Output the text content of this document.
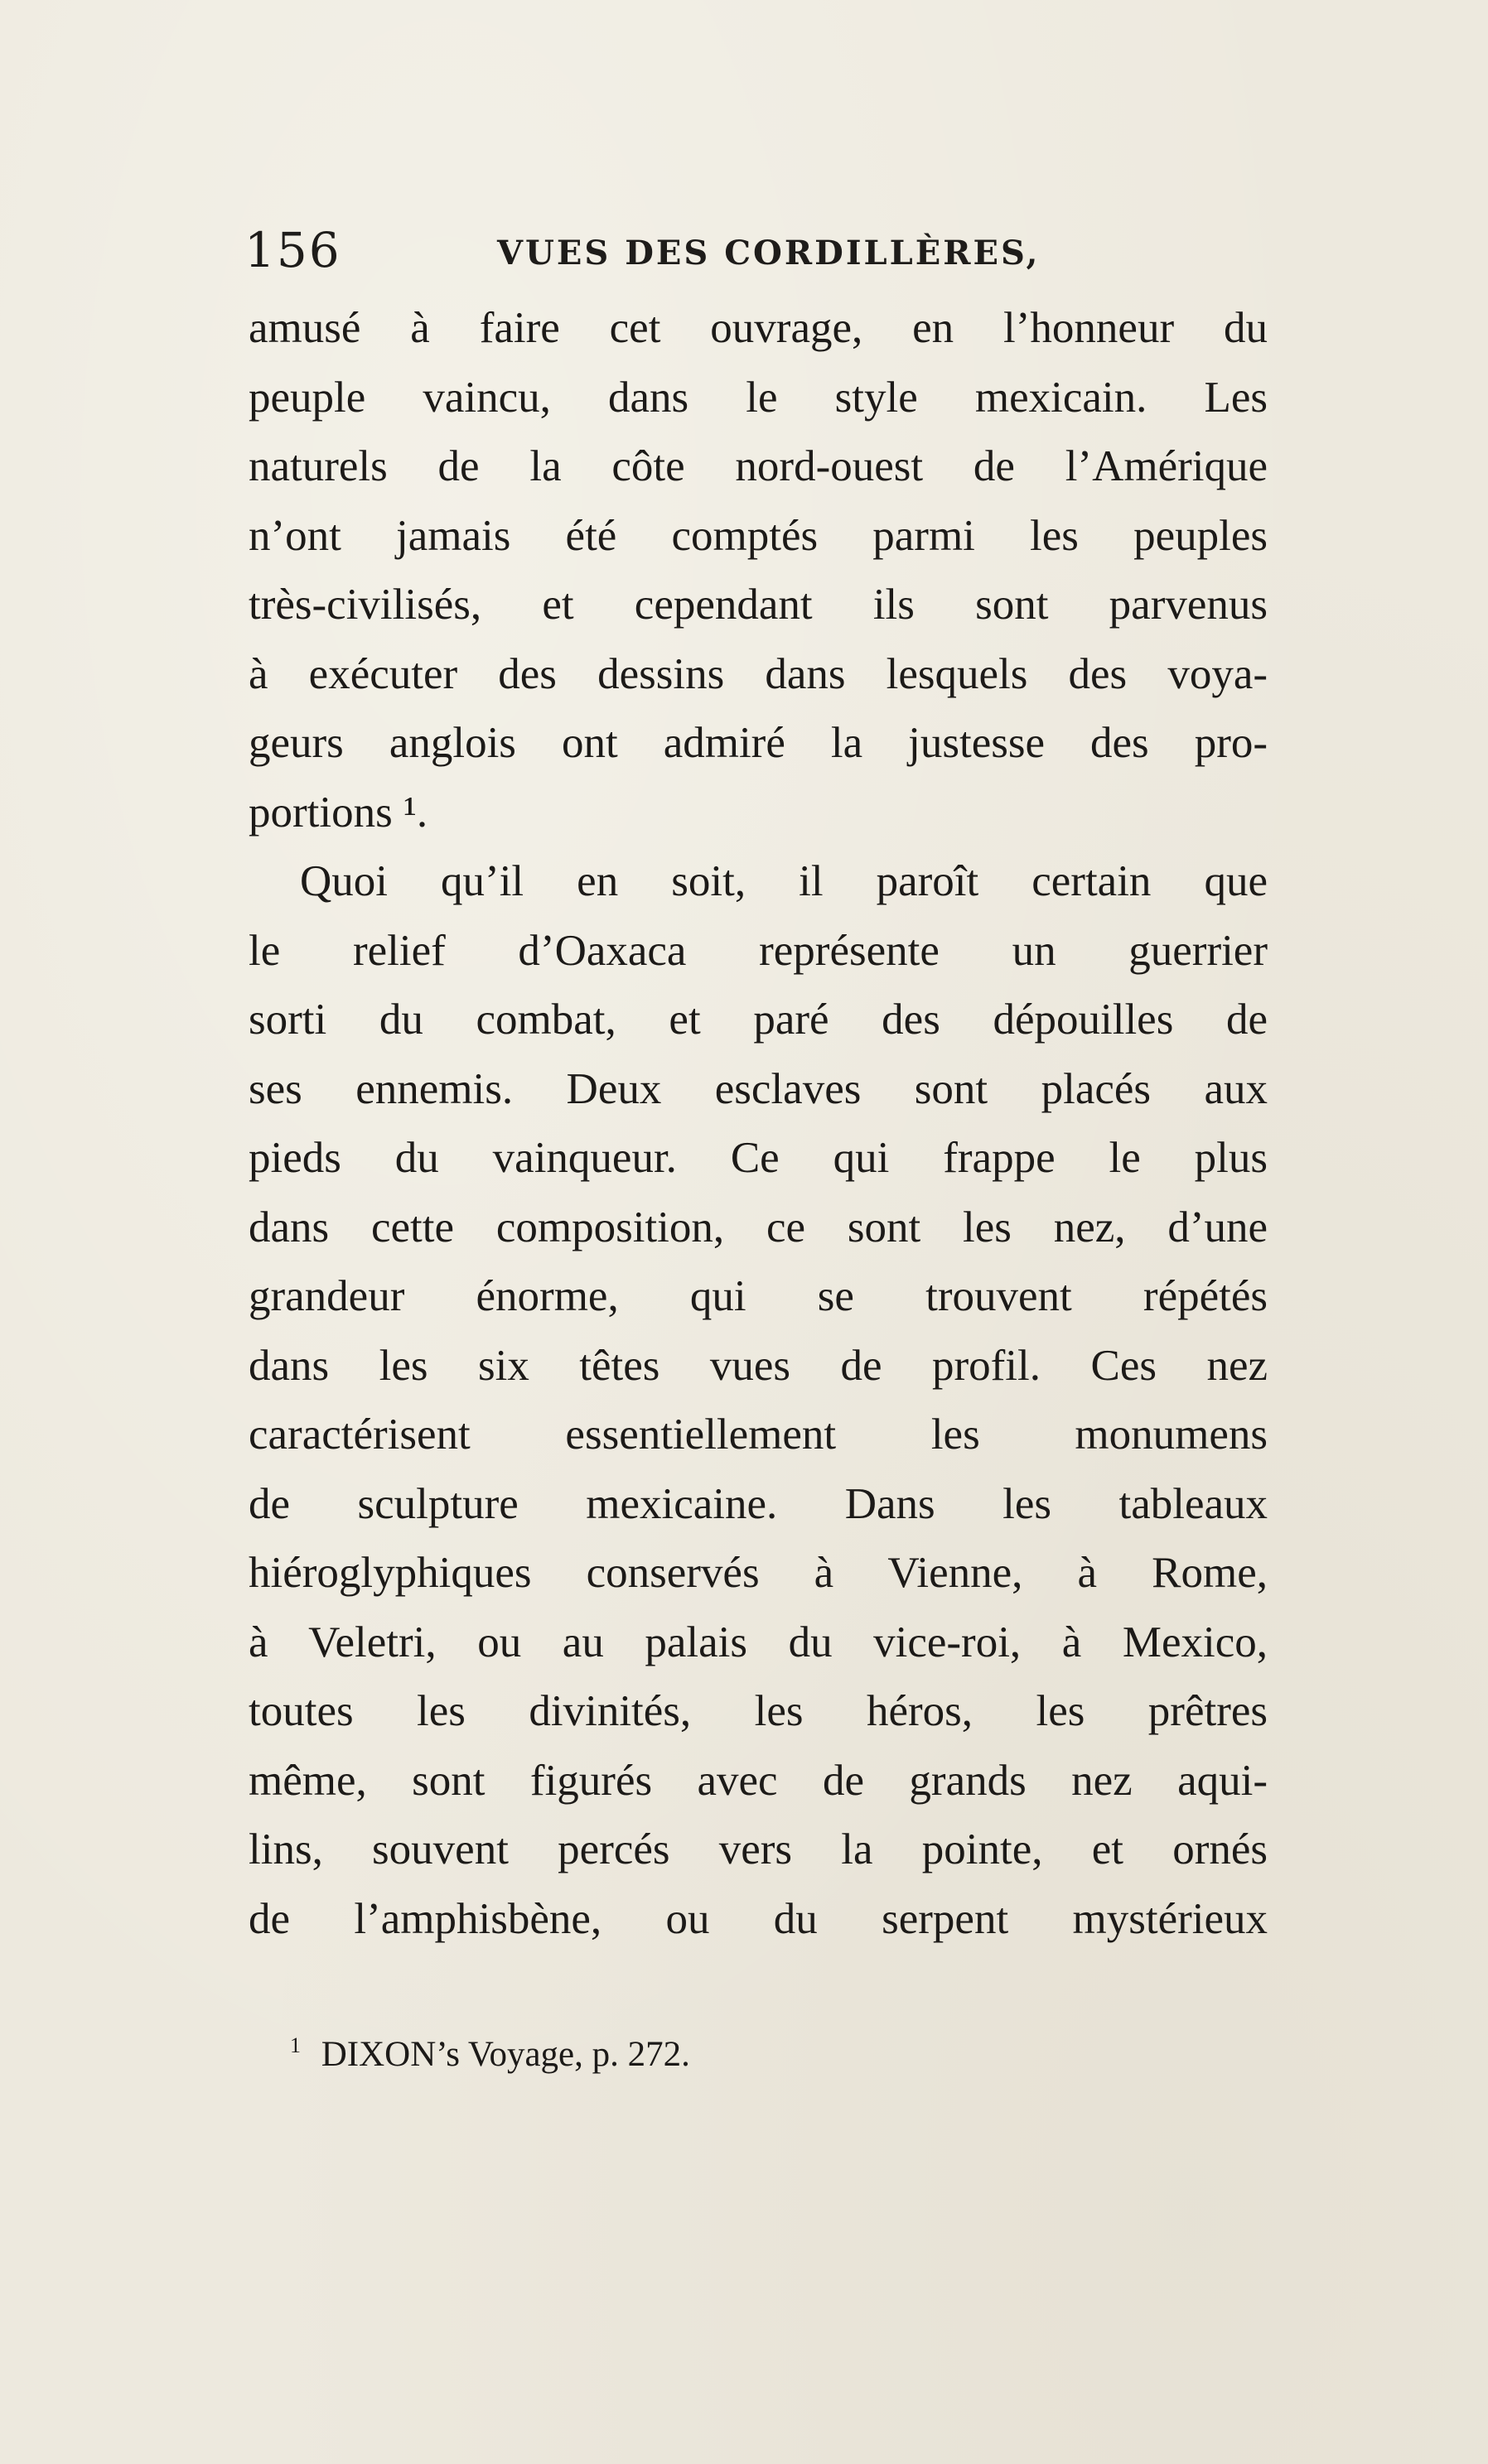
156	VUES DES CORDILLÈRES,
amusé à faire cet ouvrage, en l’honneur du
peuple vaincu, dans le style mexicain. Les
naturels de la côte nord-ouest de l’Amérique
n’ont jamais été comptés parmi les peuples
très-civilisés, et cependant ils sont parvenus
à exécuter des dessins dans lesquels des voya-
geurs anglois ont admiré la justesse des pro-
portions ¹.
Quoi qu’il en soit, il paroît certain que
le relief d’Oaxaca représente un guerrier
sorti du combat, et paré des dépouilles de
ses ennemis. Deux esclaves sont placés aux
pieds du vainqueur. Ce qui frappe le plus
dans cette composition, ce sont les nez, d’une
grandeur énorme, qui se trouvent répétés
dans les six têtes vues de profil. Ces nez
caractérisent essentiellement les monumens
de sculpture mexicaine. Dans les tableaux
hiéroglyphiques conservés à Vienne, à Rome,
à Veletri, ou au palais du vice-roi, à Mexico,
toutes les divinités, les héros, les prêtres
même, sont figurés avec de grands nez aqui-
lins, souvent percés vers la pointe, et ornés
de l’amphisbène, ou du serpent mystérieux
$^1$ DIXON’s Voyage, p. 272.
